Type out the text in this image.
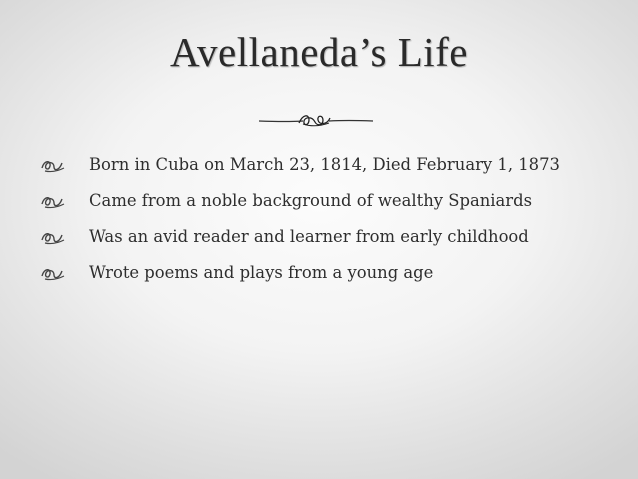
Avellaneda’s Life
Born in Cuba on March 23, 1814, Died February 1, 1873
Came from a noble background of wealthy Spaniards
Was an avid reader and learner from early childhood
Wrote poems and plays from a young age
